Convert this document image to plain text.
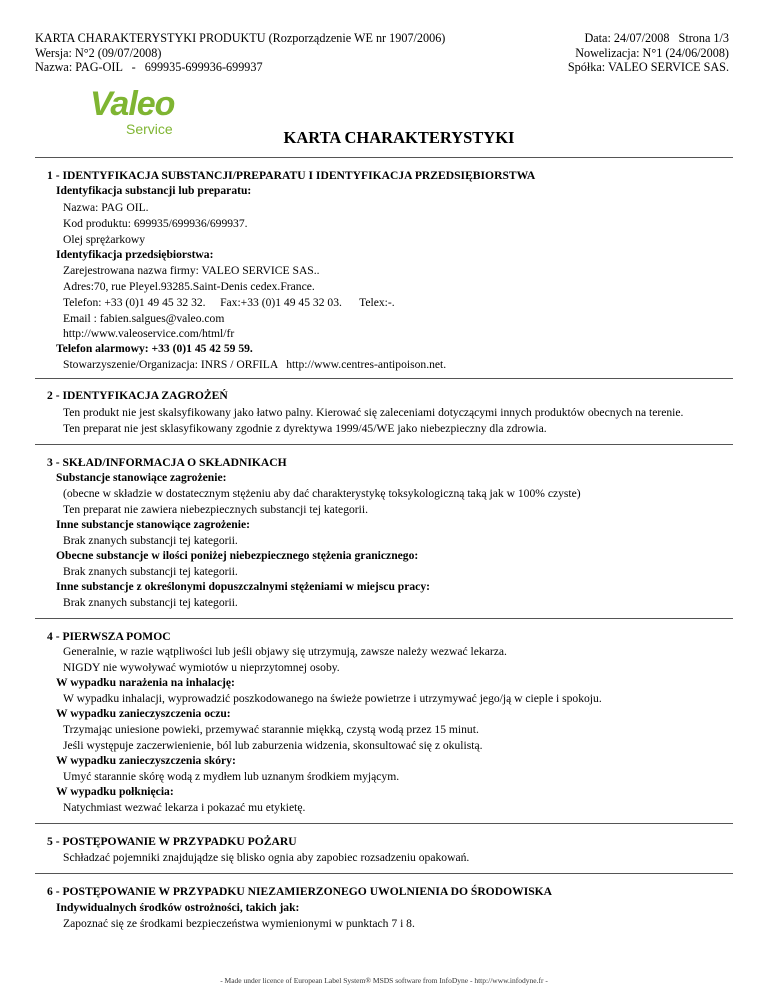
KARTA CHARAKTERYSTYKI PRODUKTU (Rozporządzenie WE nr 1907/2006)
Wersja: N°2 (09/07/2008)
Nazwa: PAG-OIL   -   699935-699936-699937
Data: 24/07/2008   Strona 1/3
Nowelizacja: N°1 (24/06/2008)
Spółka: VALEO SERVICE SAS.
Valeo
Service	KARTA CHARAKTERYSTYKI
1 - IDENTYFIKACJA SUBSTANCJI/PREPARATU I IDENTYFIKACJA PRZEDSIĘBIORSTWA
Identyfikacja substancji lub preparatu:
Nazwa: PAG OIL.
Kod produktu: 699935/699936/699937.
Olej sprężarkowy
Identyfikacja przedsiębiorstwa:
Zarejestrowana nazwa firmy: VALEO SERVICE SAS..
Adres:70, rue Pleyel.93285.Saint-Denis cedex.France.
Telefon: +33 (0)1 49 45 32 32.     Fax:+33 (0)1 49 45 32 03.      Telex:-.
Email : fabien.salgues@valeo.com
http://www.valeoservice.com/html/fr
Telefon alarmowy: +33 (0)1 45 42 59 59.
Stowarzyszenie/Organizacja: INRS / ORFILA   http://www.centres-antipoison.net.
2 - IDENTYFIKACJA ZAGROŻEŃ
Ten produkt nie jest skalsyfikowany jako łatwo palny. Kierować się zaleceniami dotyczącymi innych produktów obecnych na terenie.
Ten preparat nie jest sklasyfikowany zgodnie z dyrektywa 1999/45/WE jako niebezpieczny dla zdrowia.
3 - SKŁAD/INFORMACJA O SKŁADNIKACH
Substancje stanowiące zagrożenie:
(obecne w składzie w dostatecznym stężeniu aby dać charakterystykę toksykologiczną taką jak w 100% czyste)
Ten preparat nie zawiera niebezpiecznych substancji tej kategorii.
Inne substancje stanowiące zagrożenie:
Brak znanych substancji tej kategorii.
Obecne substancje w ilości poniżej niebezpiecznego stężenia granicznego:
Brak znanych substancji tej kategorii.
Inne substancje z określonymi dopuszczalnymi stężeniami w miejscu pracy:
Brak znanych substancji tej kategorii.
4 - PIERWSZA POMOC
Generalnie, w razie wątpliwości lub jeśli objawy się utrzymują, zawsze należy wezwać lekarza.
NIGDY nie wywoływać wymiotów u nieprzytomnej osoby.
W wypadku narażenia na inhalację:
W wypadku inhalacji, wyprowadzić poszkodowanego na świeże powietrze i utrzymywać jego/ją w cieple i spokoju.
W wypadku zanieczyszczenia oczu:
Trzymając uniesione powieki, przemywać starannie miękką, czystą wodą przez 15 minut.
Jeśli występuje zaczerwienienie, ból lub zaburzenia widzenia, skonsultować się z okulistą.
W wypadku zanieczyszczenia skóry:
Umyć starannie skórę wodą z mydłem lub uznanym środkiem myjącym.
W wypadku połknięcia:
Natychmiast wezwać lekarza i pokazać mu etykietę.
5 - POSTĘPOWANIE W PRZYPADKU POŻARU
Schładzać pojemniki znajdujądze się blisko ognia aby zapobiec rozsadzeniu opakowań.
6 - POSTĘPOWANIE W PRZYPADKU NIEZAMIERZONEGO UWOLNIENIA DO ŚRODOWISKA
Indywidualnych środków ostrożności, takich jak:
Zapoznać się ze środkami bezpieczeństwa wymienionymi w punktach 7 i 8.
- Made under licence of European Label System® MSDS software from InfoDyne - http://www.infodyne.fr -
